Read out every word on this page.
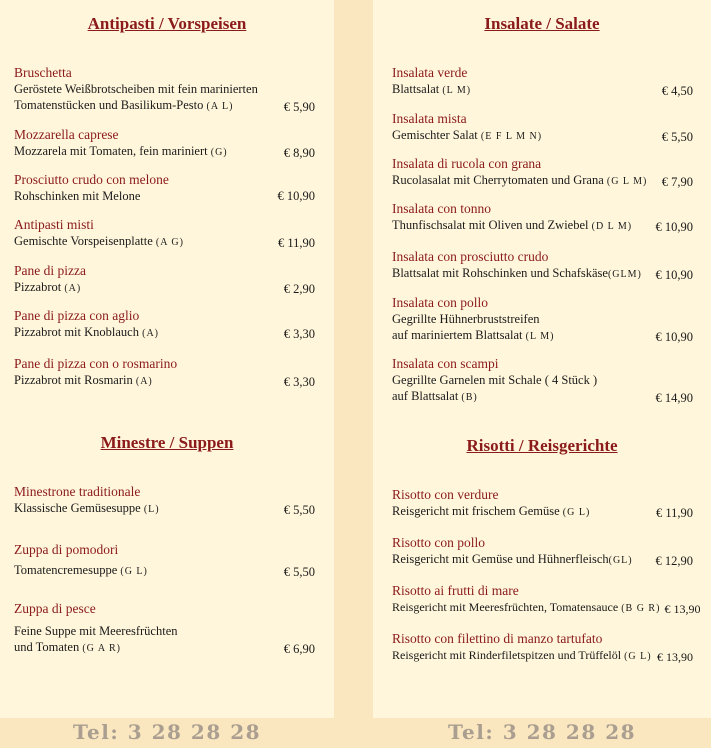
Antipasti / Vorspeisen
Bruschetta
Geröstete Weißbrotscheiben mit fein marinierten
Tomatenstücken und Basilikum-Pesto (A L)	€ 5,90
Mozzarella caprese
Mozzarela mit Tomaten, fein mariniert (G)	€ 8,90
Prosciutto crudo con melone
Rohschinken mit Melone	€ 10,90
Antipasti misti
Gemischte Vorspeisenplatte (A G)	€ 11,90
Pane di pizza
Pizzabrot (A)	€ 2,90
Pane di pizza con aglio
Pizzabrot mit Knoblauch (A)	€ 3,30
Pane di pizza con o rosmarino
Pizzabrot mit Rosmarin (A)	€ 3,30
Minestre / Suppen
Minestrone traditionale
Klassische Gemüsesuppe (L)	€ 5,50
Zuppa di pomodori
Tomatencremesuppe (G L)	€ 5,50
Zuppa di pesce
Feine Suppe mit Meeresfrüchten
und Tomaten (G A R)	€ 6,90
Insalate / Salate
Insalata verde
Blattsalat (L M)	€ 4,50
Insalata mista
Gemischter Salat (E F L M N)	€ 5,50
Insalata di rucola con grana
Rucolasalat mit Cherrytomaten und Grana (G L M) € 7,90
Insalata con tonno
Thunfischsalat mit Oliven und Zwiebel (D L M) € 10,90
Insalata con prosciutto crudo
Blattsalat mit Rohschinken und Schafskäse(GLM) € 10,90
Insalata con pollo
Gegrillte Hühnerbruststreifen
auf mariniertem Blattsalat (L M)	€ 10,90
Insalata con scampi
Gegrillte Garnelen mit Schale ( 4 Stück )
auf Blattsalat (B)	€ 14,90
Risotti / Reisgerichte
Risotto con verdure
Reisgericht mit frischem Gemüse (G L)	€ 11,90
Risotto con pollo
Reisgericht mit Gemüse und Hühnerfleisch(GL) € 12,90
Risotto ai frutti di mare
Reisgericht mit Meeresfrüchten, Tomatensauce (B G R) € 13,90
Risotto con filettino di manzo tartufato
Reisgericht mit Rinderfiletspitzen und Trüffelöl (G L) € 13,90
Tel: 3 28 28 28	Tel: 3 28 28 28
